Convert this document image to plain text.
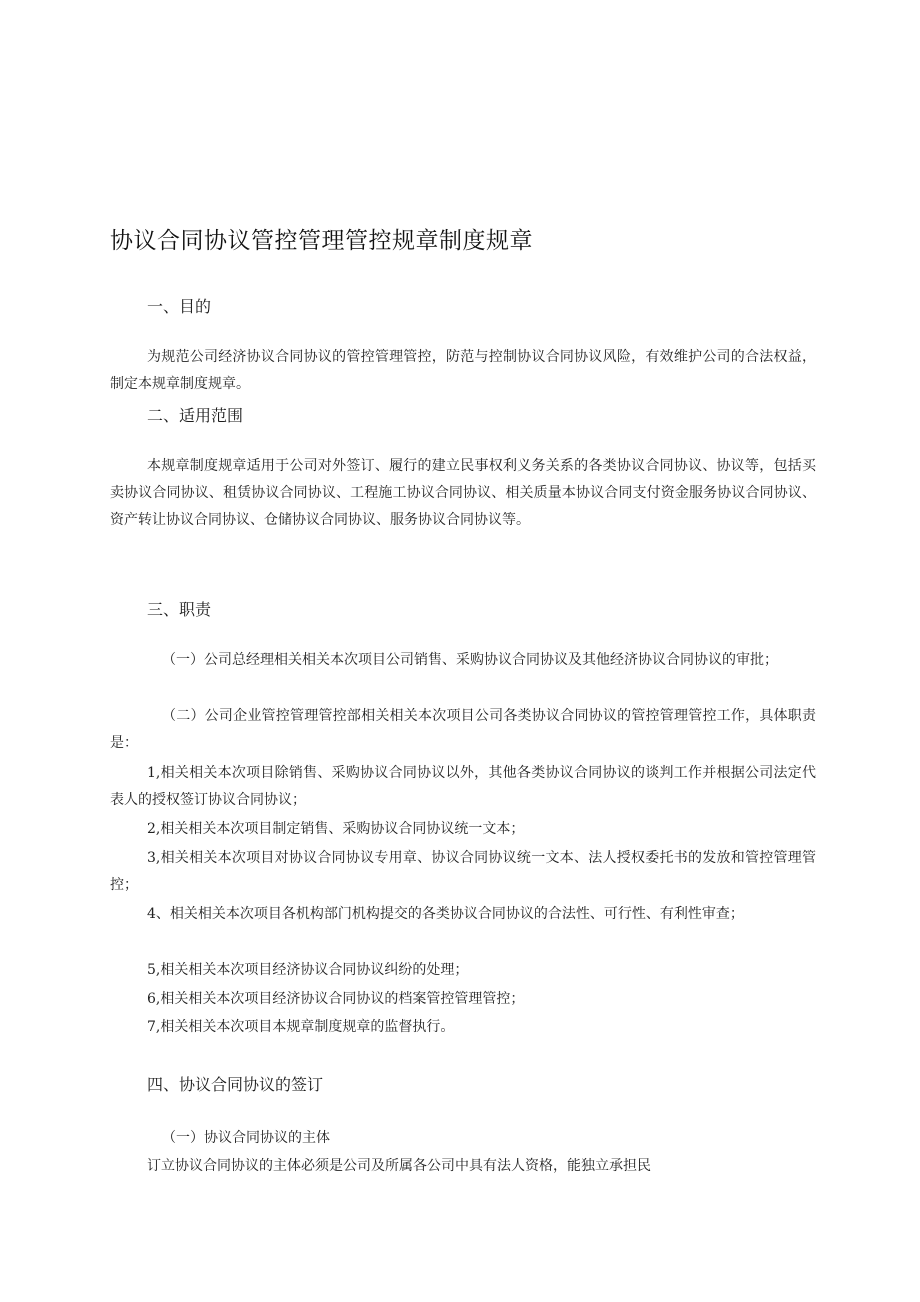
协议合同协议管控管理管控规章制度规章
一、目的

为规范公司经济协议合同协议的管控管理管控，防范与控制协议合同协议风险，有效维护公司的合法权益，制定本规章制度规章。

二、适用范围

本规章制度规章适用于公司对外签订、履行的建立民事权利义务关系的各类协议合同协议、协议等，包括买卖协议合同协议、租赁协议合同协议、工程施工协议合同协议、相关质量本协议合同支付资金服务协议合同协议、资产转让协议合同协议、仓储协议合同协议、服务协议合同协议等。

三、职责

（一）公司总经理相关相关本次项目公司销售、采购协议合同协议及其他经济协议合同协议的审批；

（二）公司企业管控管理管控部相关相关本次项目公司各类协议合同协议的管控管理管控工作，具体职责是：

1,相关相关本次项目除销售、采购协议合同协议以外，其他各类协议合同协议的谈判工作并根据公司法定代表人的授权签订协议合同协议；

2,相关相关本次项目制定销售、采购协议合同协议统一文本；

3,相关相关本次项目对协议合同协议专用章、协议合同协议统一文本、法人授权委托书的发放和管控管理管控；

4、相关相关本次项目各机构部门机构提交的各类协议合同协议的合法性、可行性、有利性审查；

5,相关相关本次项目经济协议合同协议纠纷的处理；

6,相关相关本次项目经济协议合同协议的档案管控管理管控；

7,相关相关本次项目本规章制度规章的监督执行。

四、协议合同协议的签订

（一）协议合同协议的主体

订立协议合同协议的主体必须是公司及所属各公司中具有法人资格，能独立承担民
